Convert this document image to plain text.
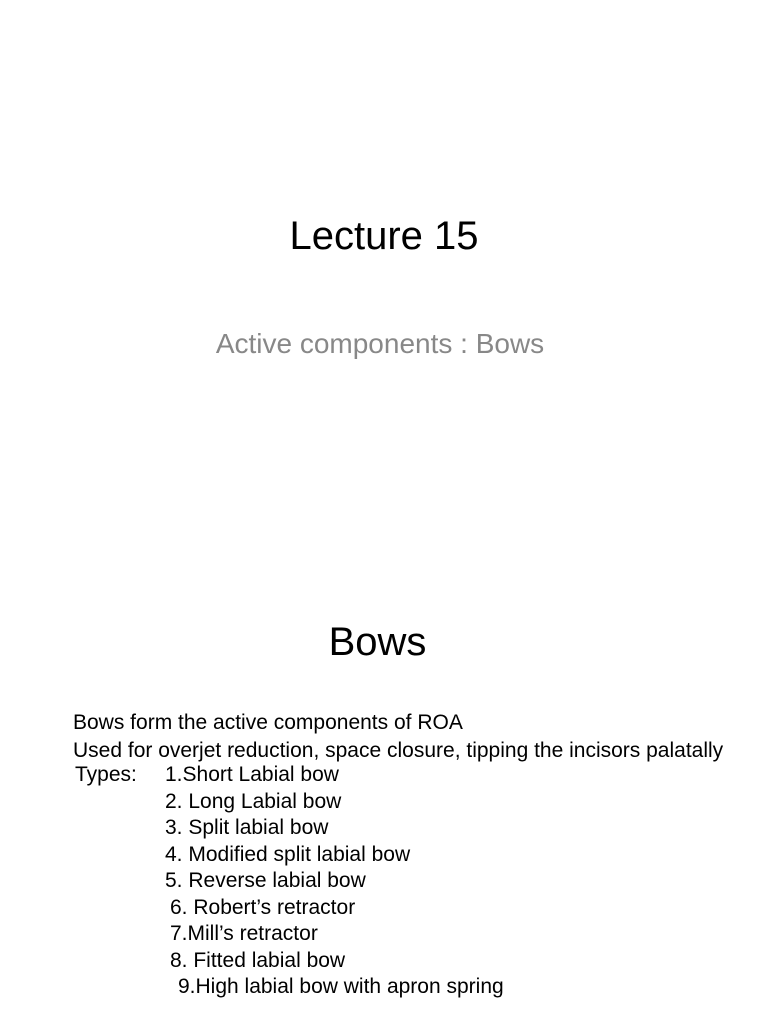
Lecture 15
Active components : Bows
Bows
Bows form the active components of ROA
Used for overjet reduction, space closure, tipping the incisors palatally
Types:	1.Short Labial bow
2. Long Labial bow
3. Split labial bow
4. Modified split labial bow
5. Reverse labial bow
6. Robert’s retractor
7.Mill’s retractor
8. Fitted labial bow
9.High labial bow with apron spring
